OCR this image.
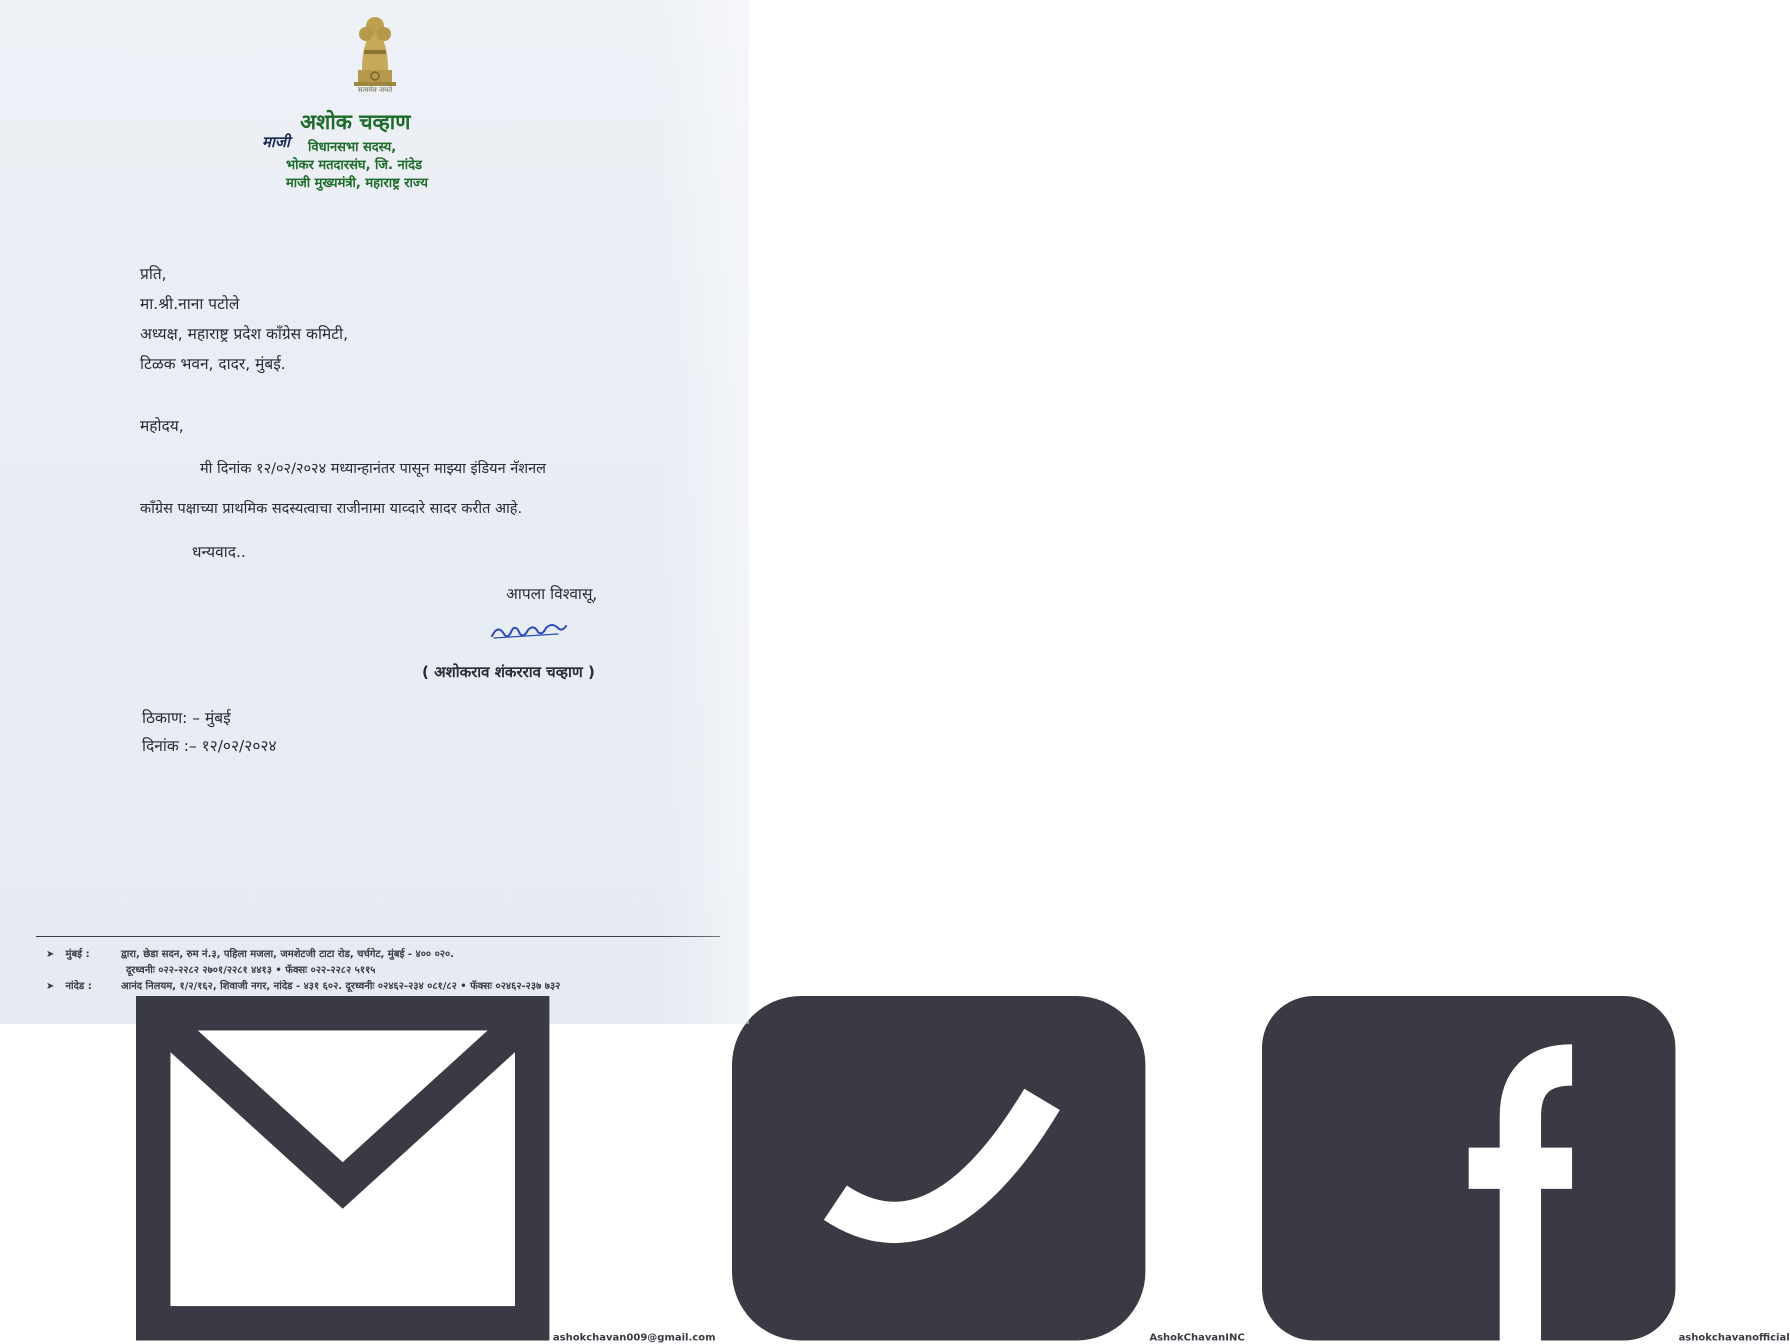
सत्यमेव जयते
अशोक चव्हाण
माजी विधानसभा सदस्य,
भोकर मतदारसंघ, जि. नांदेड
माजी मुख्यमंत्री, महाराष्ट्र राज्य
प्रति,
मा.श्री.नाना पटोले
अध्यक्ष, महाराष्ट्र प्रदेश काँग्रेस कमिटी,
टिळक भवन, दादर, मुंबई.
महोदय,
मी दिनांक १२/०२/२०२४ मध्यान्हानंतर पासून माझ्या इंडियन नॅशनल
काँग्रेस पक्षाच्या प्राथमिक सदस्यत्वाचा राजीनामा याव्दारे सादर करीत आहे.
धन्यवाद..
आपला विश्वासू,
( अशोकराव शंकरराव चव्हाण )
ठिकाण: – मुंबई
दिनांक :– १२/०२/२०२४
➤ मुंबई :	द्वारा, छेडा सदन, रुम नं.३, पहिला मजला, जमशेटजी टाटा रोड, चर्चगेट, मुंबई - ४०० ०२०.
दूरध्वनीः ०२२-२२८२ २७०१/२२८१ ४४१३ • फॅक्सः ०२२-२२८२ ५११५
➤ नांदेड :	आनंद निलयम, १/२/१६२, शिवाजी नगर, नांदेड - ४३१ ६०२. दूरध्वनीः ०२४६२-२३४ ०८१/८२ • फॅक्सः ०२४६२-२३७ ७३२
ashokchavan009@gmail.com	AshokChavanINC	ashokchavanofficial
